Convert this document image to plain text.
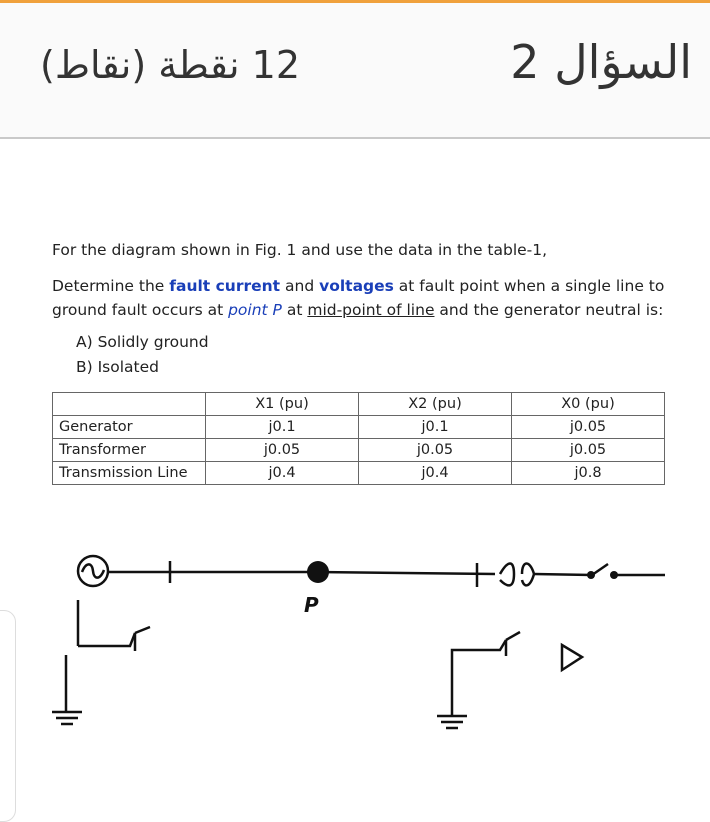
السؤال 2
12 نقطة (نقاط)

For the diagram shown in Fig. 1 and use the data in the table-1,

Determine the fault current and voltages at fault point when a single line to ground fault occurs at point P at mid-point of line and the generator neutral is:

A) Solidly ground
B) Isolated
	X1 (pu)	X2 (pu)	X0 (pu)
Generator	j0.1	j0.1	j0.05
Transformer	j0.05	j0.05	j0.05
Transmission Line	j0.4	j0.4	j0.8
P
